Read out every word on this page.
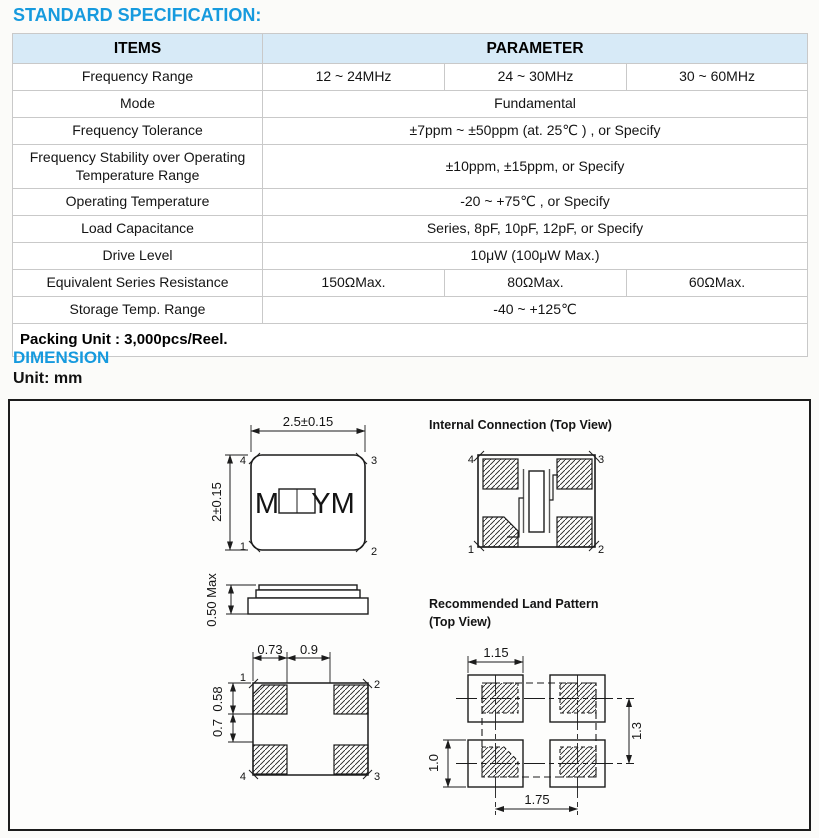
STANDARD SPECIFICATION:
ITEMS	PARAMETER		
Frequency Range	12 ~ 24MHz	24 ~ 30MHz	30 ~ 60MHz
Mode	Fundamental		
Frequency Tolerance	±7ppm ~ ±50ppm (at. 25℃ ) , or Specify		
Frequency Stability over Operating Temperature Range	±10ppm, ±15ppm, or Specify		
Operating Temperature	-20 ~ +75℃ , or Specify		
Load Capacitance	Series, 8pF, 10pF, 12pF, or Specify		
Drive Level	10μW (100μW Max.)		
Equivalent Series Resistance	150ΩMax.	80ΩMax.	60ΩMax.
Storage Temp. Range	-40 ~ +125℃		
Packing Unit : 3,000pcs/Reel.			
DIMENSION
Unit: mm
2.5±0.15
2±0.15 M YM
4	3
1	2
Internal Connection (Top View)
4	3
1	2
0.50 Max
0.73 0.9
0.58
0.7
1
2
4	3
Recommended Land Pattern
(Top View)
1.15
1.3
1.0
1.75
